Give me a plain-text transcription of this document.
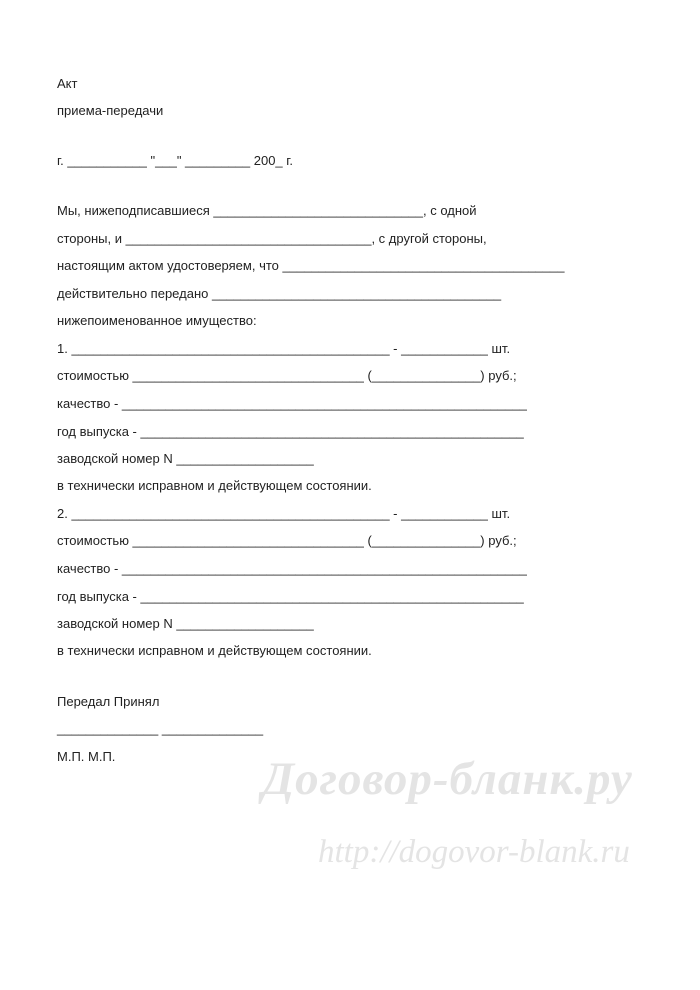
Акт

приема-передачи

г. ___________ "___" _________ 200_ г.

Мы, нижеподписавшиеся _____________________________, с одной

стороны, и __________________________________, с другой стороны,

настоящим актом удостоверяем, что _______________________________________

действительно передано ________________________________________

нижепоименованное имущество:

1. ____________________________________________ - ____________ шт.

стоимостью ________________________________ (_______________) руб.;

качество - ________________________________________________________

год выпуска - _____________________________________________________

заводской номер N ___________________

в технически исправном и действующем состоянии.

2. ____________________________________________ - ____________ шт.

стоимостью ________________________________ (_______________) руб.;

качество - ________________________________________________________

год выпуска - _____________________________________________________

заводской номер N ___________________

в технически исправном и действующем состоянии.

Передал Принял

______________ ______________

М.П. М.П.	Договор-бланк.ру
http://dogovor-blank.ru
